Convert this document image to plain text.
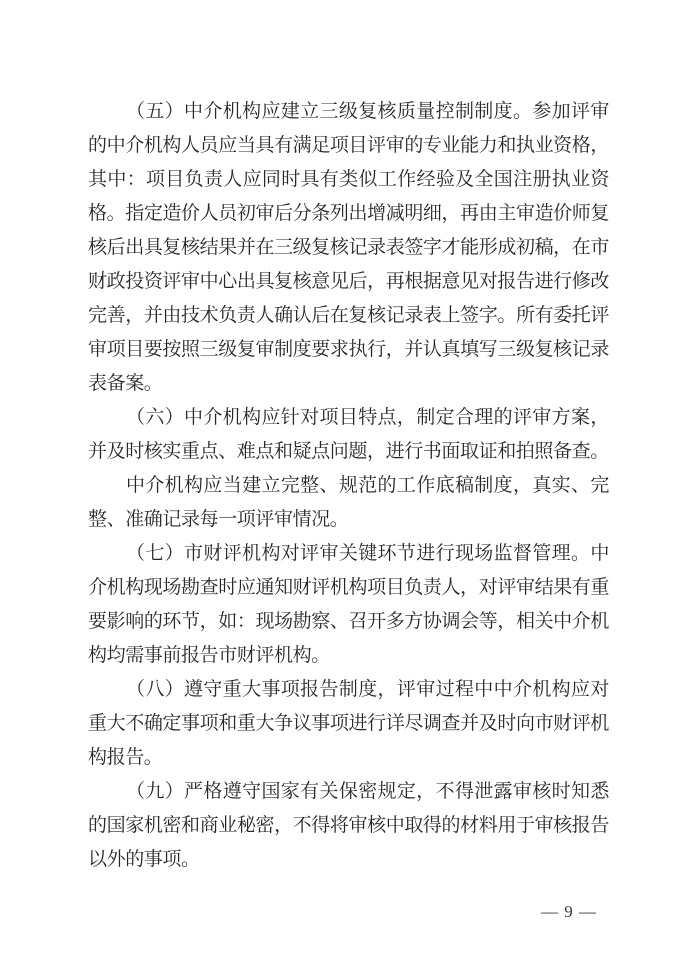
（五）中介机构应建立三级复核质量控制制度。参加评审的中介机构人员应当具有满足项目评审的专业能力和执业资格，其中：项目负责人应同时具有类似工作经验及全国注册执业资格。指定造价人员初审后分条列出增减明细，再由主审造价师复核后出具复核结果并在三级复核记录表签字才能形成初稿，在市财政投资评审中心出具复核意见后，再根据意见对报告进行修改完善，并由技术负责人确认后在复核记录表上签字。所有委托评审项目要按照三级复审制度要求执行，并认真填写三级复核记录表备案。

（六）中介机构应针对项目特点，制定合理的评审方案，并及时核实重点、难点和疑点问题，进行书面取证和拍照备查。

中介机构应当建立完整、规范的工作底稿制度，真实、完整、准确记录每一项评审情况。

（七）市财评机构对评审关键环节进行现场监督管理。中介机构现场勘查时应通知财评机构项目负责人，对评审结果有重要影响的环节，如：现场勘察、召开多方协调会等，相关中介机构均需事前报告市财评机构。

（八）遵守重大事项报告制度，评审过程中中介机构应对重大不确定事项和重大争议事项进行详尽调查并及时向市财评机构报告。

（九）严格遵守国家有关保密规定，不得泄露审核时知悉的国家机密和商业秘密，不得将审核中取得的材料用于审核报告以外的事项。

— 9 —
